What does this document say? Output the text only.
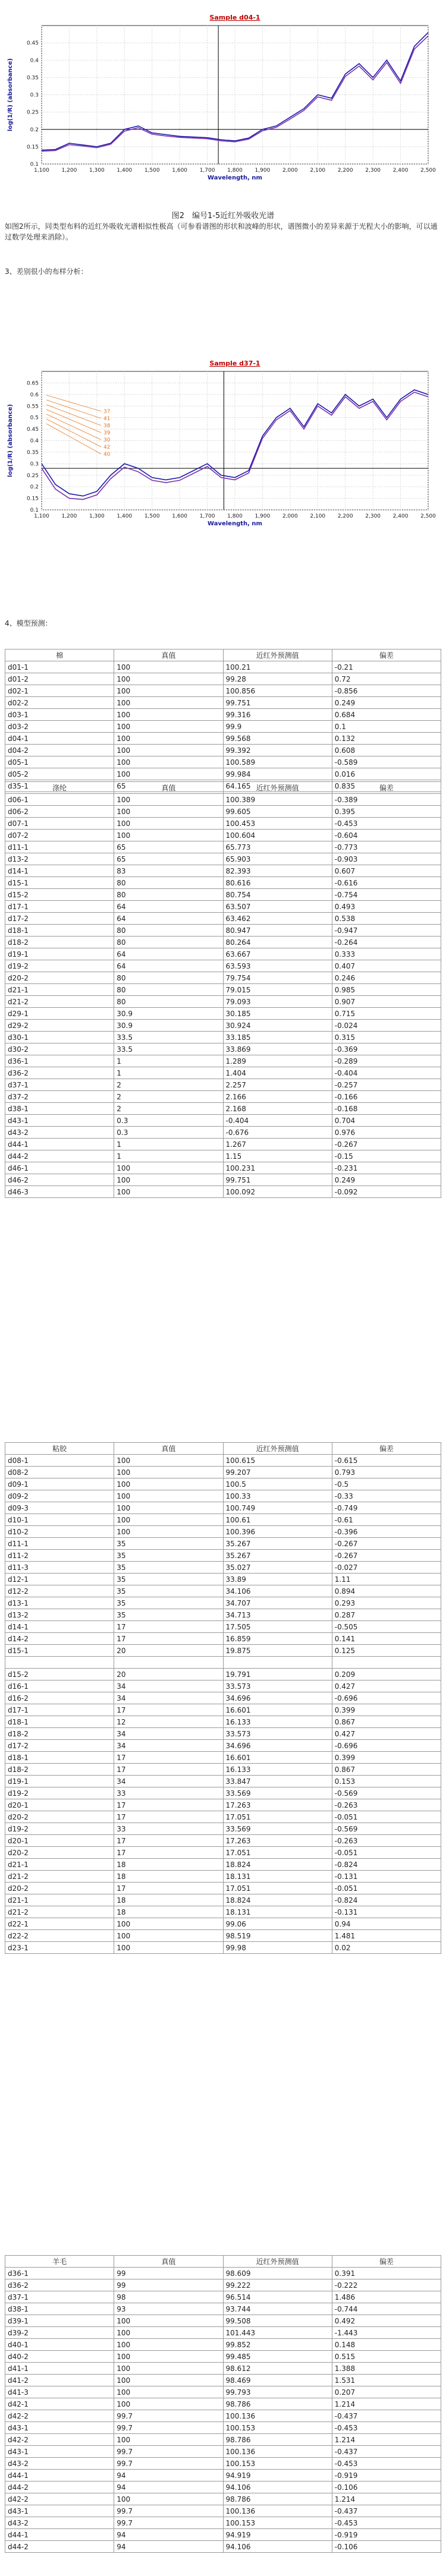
Sample d04-1
1,100 1,200 1,300 1,400 1,500 1,600 1,700 1,800 1,900 2,000 2,100 2,200 2,300 2,400 2,500
0.1
0.15
0.2
0.25
0.3
0.35
0.4
0.45
Wavelength, nm
log(1/R) (absorbance)
图2　编号1-5近红外吸收光谱
如图2所示，同类型布料的近红外吸收光谱相似性极高（可参看谱图的形状和波峰的形状，谱图微小的差异来源于光程大小的影响，可以通过数学处理来消除）。
3、差别很小的布样分析：
Sample d37-1
1,100 1,200 1,300 1,400 1,500 1,600 1,700 1,800 1,900 2,000 2,100 2,200 2,300 2,400 2,500
0.1
0.15
0.2
0.25
0.3
0.35
0.4
0.45
0.5
0.55
0.6
0.65
Wavelength, nm
log(1/R) (absorbance)	37
41
38
39
30
42
40
4、模型预测：
棉	真值	近红外预测值	偏差
d01-1	100	100.21	-0.21
d01-2	100	99.28	0.72
d02-1	100	100.856	-0.856
d02-2	100	99.751	0.249
d03-1	100	99.316	0.684
d03-2	100	99.9	0.1
d04-1	100	99.568	0.132
d04-2	100	99.392	0.608
d05-1	100	100.589	-0.589
d05-2	100	99.984	0.016
d35-1	65	64.165	0.835
涤纶	真值	近红外预测值	偏差
d06-1	100	100.389	-0.389
d06-2	100	99.605	0.395
d07-1	100	100.453	-0.453
d07-2	100	100.604	-0.604
d11-1	65	65.773	-0.773
d13-2	65	65.903	-0.903
d14-1	83	82.393	0.607
d15-1	80	80.616	-0.616
d15-2	80	80.754	-0.754
d17-1	64	63.507	0.493
d17-2	64	63.462	0.538
d18-1	80	80.947	-0.947
d18-2	80	80.264	-0.264
d19-1	64	63.667	0.333
d19-2	64	63.593	0.407
d20-2	80	79.754	0.246
d21-1	80	79.015	0.985
d21-2	80	79.093	0.907
d29-1	30.9	30.185	0.715
d29-2	30.9	30.924	-0.024
d30-1	33.5	33.185	0.315
d30-2	33.5	33.869	-0.369
d36-1	1	1.289	-0.289
d36-2	1	1.404	-0.404
d37-1	2	2.257	-0.257
d37-2	2	2.166	-0.166
d38-1	2	2.168	-0.168
d43-1	0.3	-0.404	0.704
d43-2	0.3	-0.676	0.976
d44-1	1	1.267	-0.267
d44-2	1	1.15	-0.15
d46-1	100	100.231	-0.231
d46-2	100	99.751	0.249
d46-3	100	100.092	-0.092
粘胶	真值	近红外预测值	偏差
d08-1	100	100.615	-0.615
d08-2	100	99.207	0.793
d09-1	100	100.5	-0.5
d09-2	100	100.33	-0.33
d09-3	100	100.749	-0.749
d10-1	100	100.61	-0.61
d10-2	100	100.396	-0.396
d11-1	35	35.267	-0.267
d11-2	35	35.267	-0.267
d11-3	35	35.027	-0.027
d12-1	35	33.89	1.11
d12-2	35	34.106	0.894
d13-1	35	34.707	0.293
d13-2	35	34.713	0.287
d14-1	17	17.505	-0.505
d14-2	17	16.859	0.141
d15-1	20	19.875	0.125

d15-2	20	19.791	0.209
d16-1	34	33.573	0.427
d16-2	34	34.696	-0.696
d17-1	17	16.601	0.399
d18-1	12	16.133	0.867
d18-2	34	33.573	0.427
d17-2	34	34.696	-0.696
d18-1	17	16.601	0.399
d18-2	17	16.133	0.867
d19-1	34	33.847	0.153
d19-2	33	33.569	-0.569
d20-1	17	17.263	-0.263
d20-2	17	17.051	-0.051
d19-2	33	33.569	-0.569
d20-1	17	17.263	-0.263
d20-2	17	17.051	-0.051
d21-1	18	18.824	-0.824
d21-2	18	18.131	-0.131
d20-2	17	17.051	-0.051
d21-1	18	18.824	-0.824
d21-2	18	18.131	-0.131
d22-1	100	99.06	0.94
d22-2	100	98.519	1.481
d23-1	100	99.98	0.02
羊毛	真值	近红外预测值	偏差
d36-1	99	98.609	0.391
d36-2	99	99.222	-0.222
d37-1	98	96.514	1.486
d38-1	93	93.744	-0.744
d39-1	100	99.508	0.492
d39-2	100	101.443	-1.443
d40-1	100	99.852	0.148
d40-2	100	99.485	0.515
d41-1	100	98.612	1.388
d41-2	100	98.469	1.531
d41-3	100	99.793	0.207
d42-1	100	98.786	1.214
d42-2	99.7	100.136	-0.437
d43-1	99.7	100.153	-0.453
d42-2	100	98.786	1.214
d43-1	99.7	100.136	-0.437
d43-2	99.7	100.153	-0.453
d44-1	94	94.919	-0.919
d44-2	94	94.106	-0.106
d42-2	100	98.786	1.214
d43-1	99.7	100.136	-0.437
d43-2	99.7	100.153	-0.453
d44-1	94	94.919	-0.919
d44-2	94	94.106	-0.106
